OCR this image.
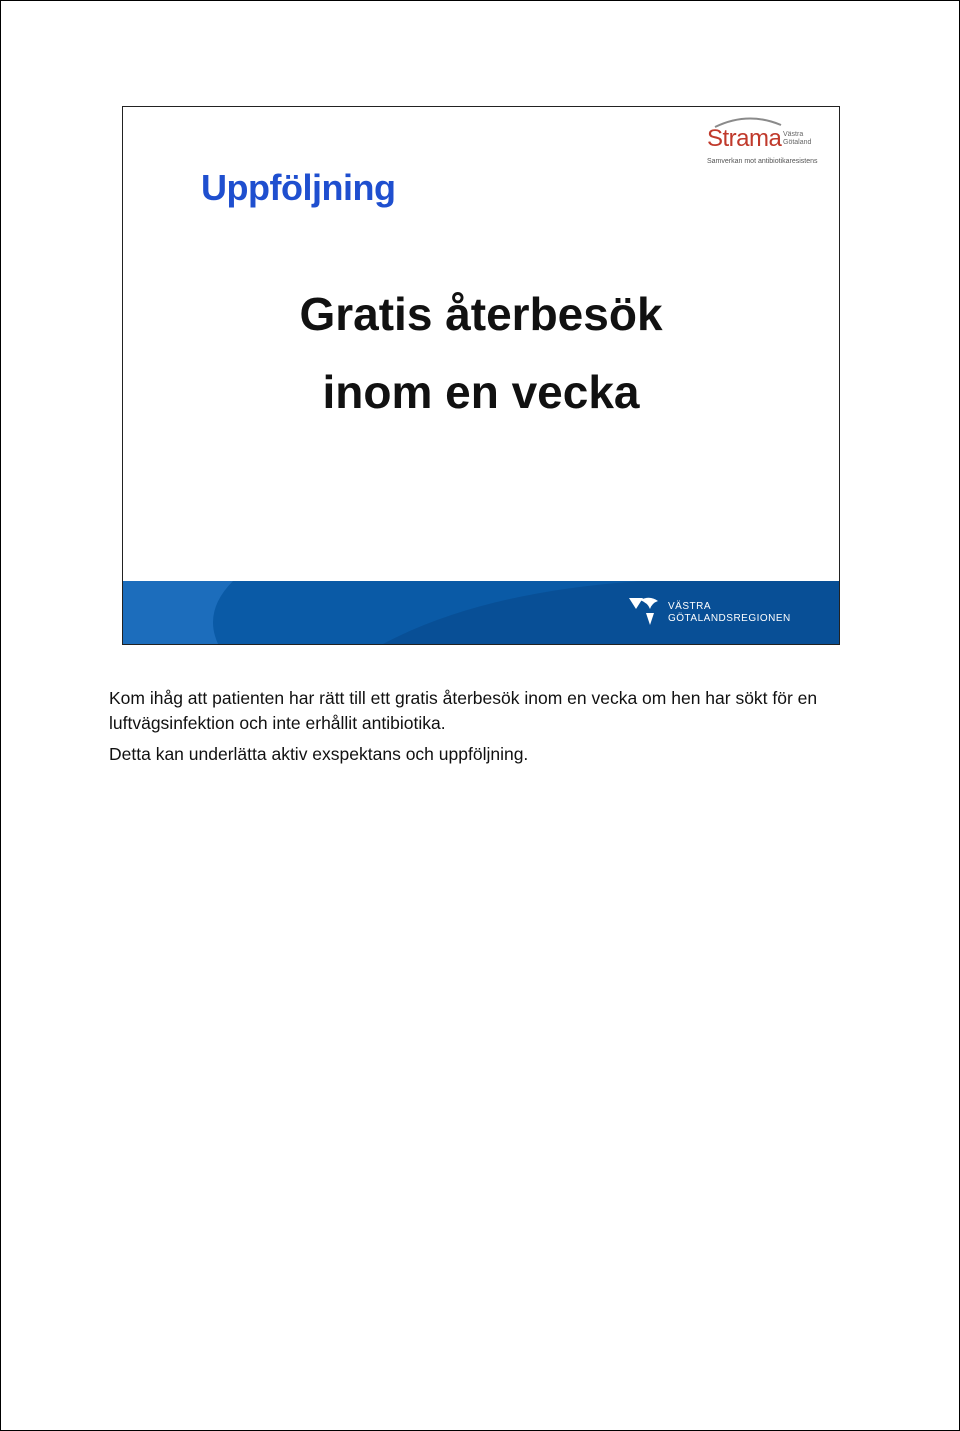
Strama Västra
Götaland
Samverkan mot antibiotikaresistens
Uppföljning
Gratis återbesök
inom en vecka
VÄSTRA
GÖTALANDSREGIONEN

Kom ihåg att patienten har rätt till ett gratis återbesök inom en vecka om hen har sökt för en luftvägsinfektion och inte erhållit antibiotika.

Detta kan underlätta aktiv exspektans och uppföljning.
